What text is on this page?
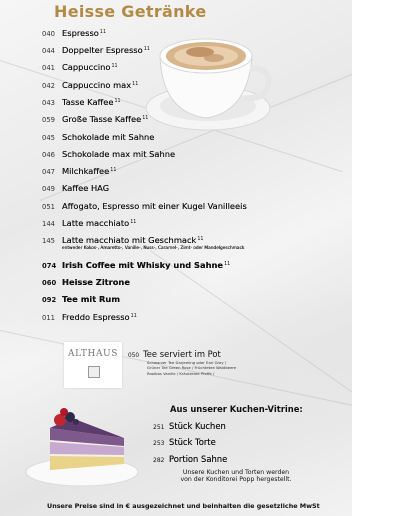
Heisse Getränke
040 Espresso$^{11}$
044 Doppelter Espresso$^{11}$
041 Cappuccino$^{11}$
042 Cappuccino $\max^{11}$
043 Tasse Kaffee$^{11}$
059 Große Tasse Kaffee$^{11}$
045 Schokolade mit Sahne
046 Schokolade max mit Sahne
047 Milchkaffee$^{11}$
049 Kaffee HAG
051 Affogato, Espresso mit einer Kugel Vanilleeis
144 Latte macchiato$^{11}$
145 Latte macchiato mit Geschmack$^{11}$
074 Irish Coffee mit Whisky und Sahne$^{11}$
060 Heisse Zitrone
092 Tee mit Rum
011 Freddo Espresso$^{11}$
entweder Kokos-, Amaretto-, Vanille-, Nuss-, Caramel-, Zimt- oder Mandelgeschmack
ALTHAUS	050 Tee serviert im Pot
Schwarzer Tee Darjeeling oder Earl Grey /
Grüner Tee Green Rose / Früchtetee Waldbeere
Rooibos Vanille / Kräutertee Pfeffe /
Aus unserer Kuchen-Vitrine:
251 Stück Kuchen
253 Stück Torte
282 Portion Sahne
Unsere Kuchen und Torten werden
von der Konditorei Popp hergestellt.
Unsere Preise sind in € ausgezeichnet und beinhalten die gesetzliche MwSt
